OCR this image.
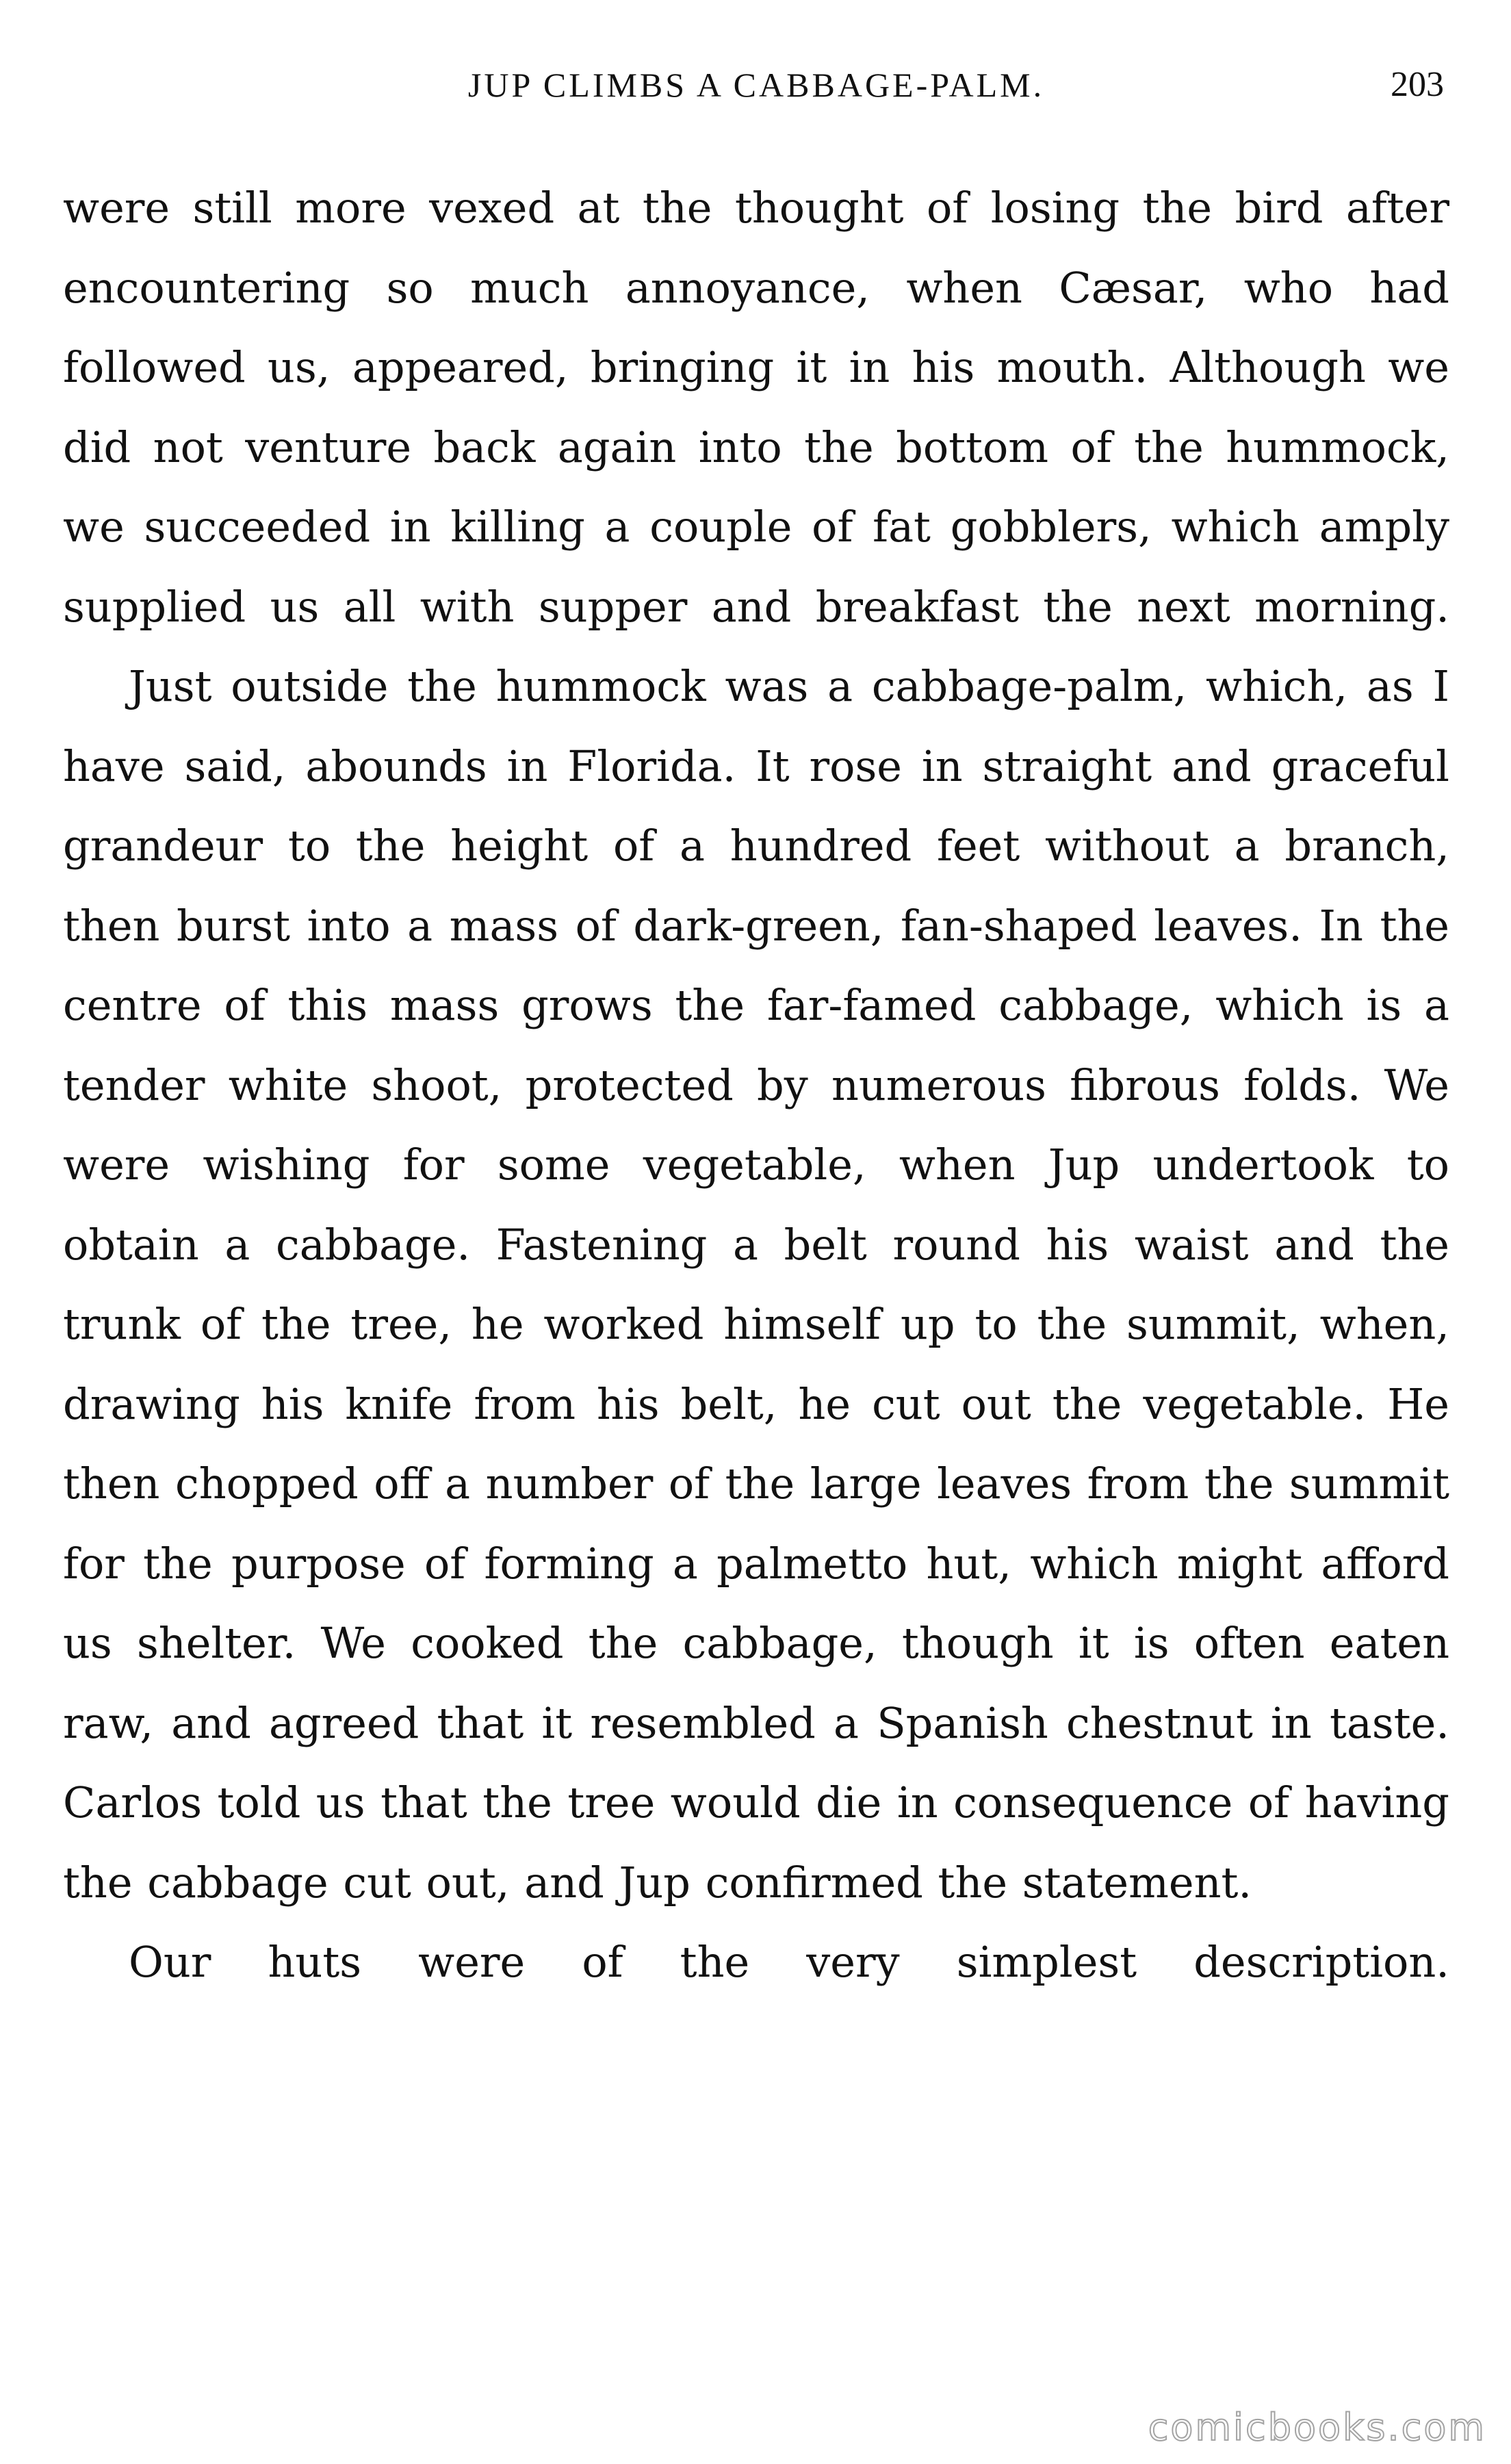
JUP CLIMBS A CABBAGE-PALM.	203

were still more vexed at the thought of losing the bird after encountering so much annoyance, when Cæsar, who had followed us, appeared, bringing it in his mouth. Although we did not venture back again into the bottom of the hummock, we succeeded in killing a couple of fat gobblers, which amply supplied us all with supper and breakfast the next morning.

Just outside the hummock was a cabbage-palm, which, as I have said, abounds in Florida. It rose in straight and graceful grandeur to the height of a hundred feet without a branch, then burst into a mass of dark-green, fan-shaped leaves. In the centre of this mass grows the far-famed cabbage, which is a tender white shoot, protected by numerous fibrous folds. We were wishing for some vegetable, when Jup undertook to obtain a cabbage. Fastening a belt round his waist and the trunk of the tree, he worked himself up to the summit, when, drawing his knife from his belt, he cut out the vegetable. He then chopped off a number of the large leaves from the summit for the purpose of forming a palmetto hut, which might afford us shelter. We cooked the cabbage, though it is often eaten raw, and agreed that it resembled a Spanish chestnut in taste. Carlos told us that the tree would die in consequence of having the cabbage cut out, and Jup confirmed the statement.

Our huts were of the very simplest description.

comicbooks.com
